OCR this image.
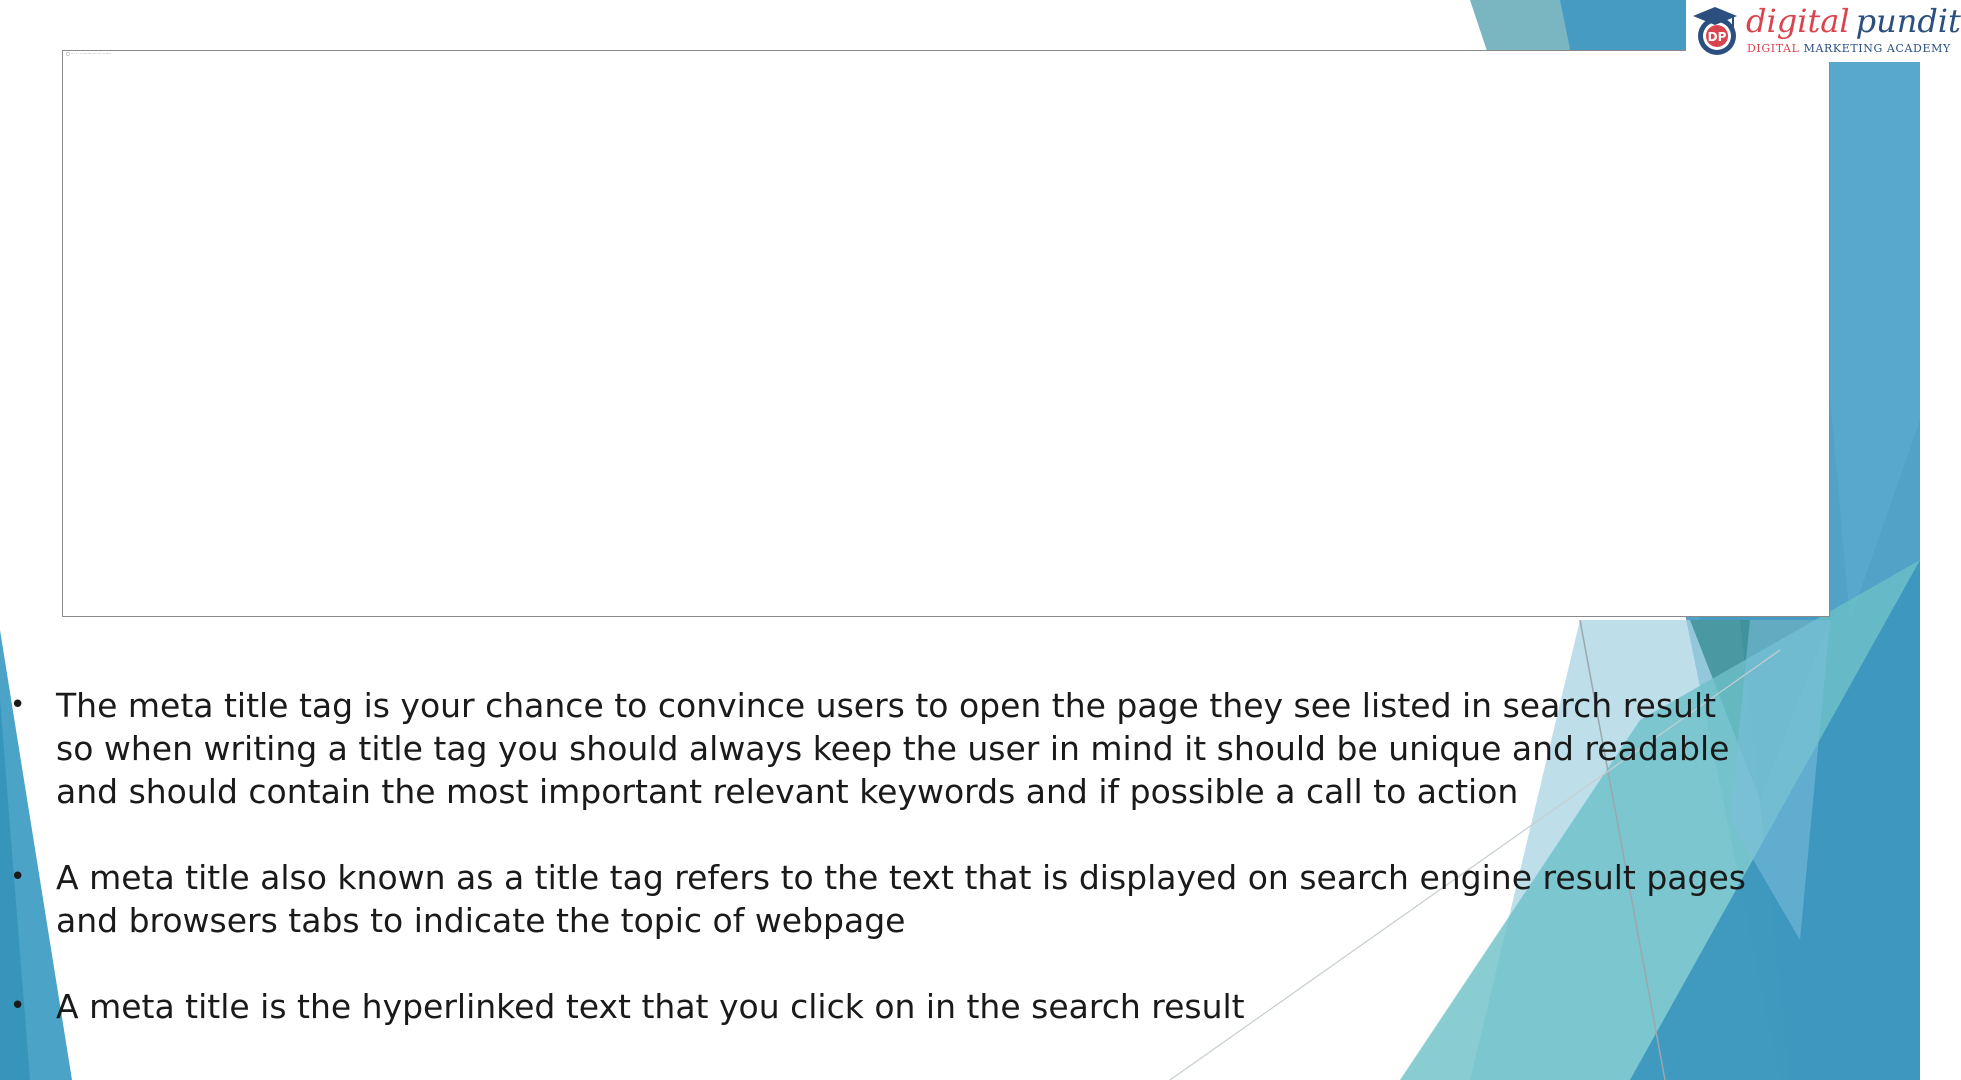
▢ ··· ·· · ······· ··· ··· ······
DP digital pundit
DIGITAL MARKETING ACADEMY
• The meta title tag is your chance to convince users to open the page they see listed in search result so when writing a title tag you should always keep the user in mind it should be unique and readable and should contain the most important relevant keywords and if possible a call to action
• A meta title also known as a title tag refers to the text that is displayed on search engine result pages and browsers tabs to indicate the topic of webpage
• A meta title is the hyperlinked text that you click on in the search result
